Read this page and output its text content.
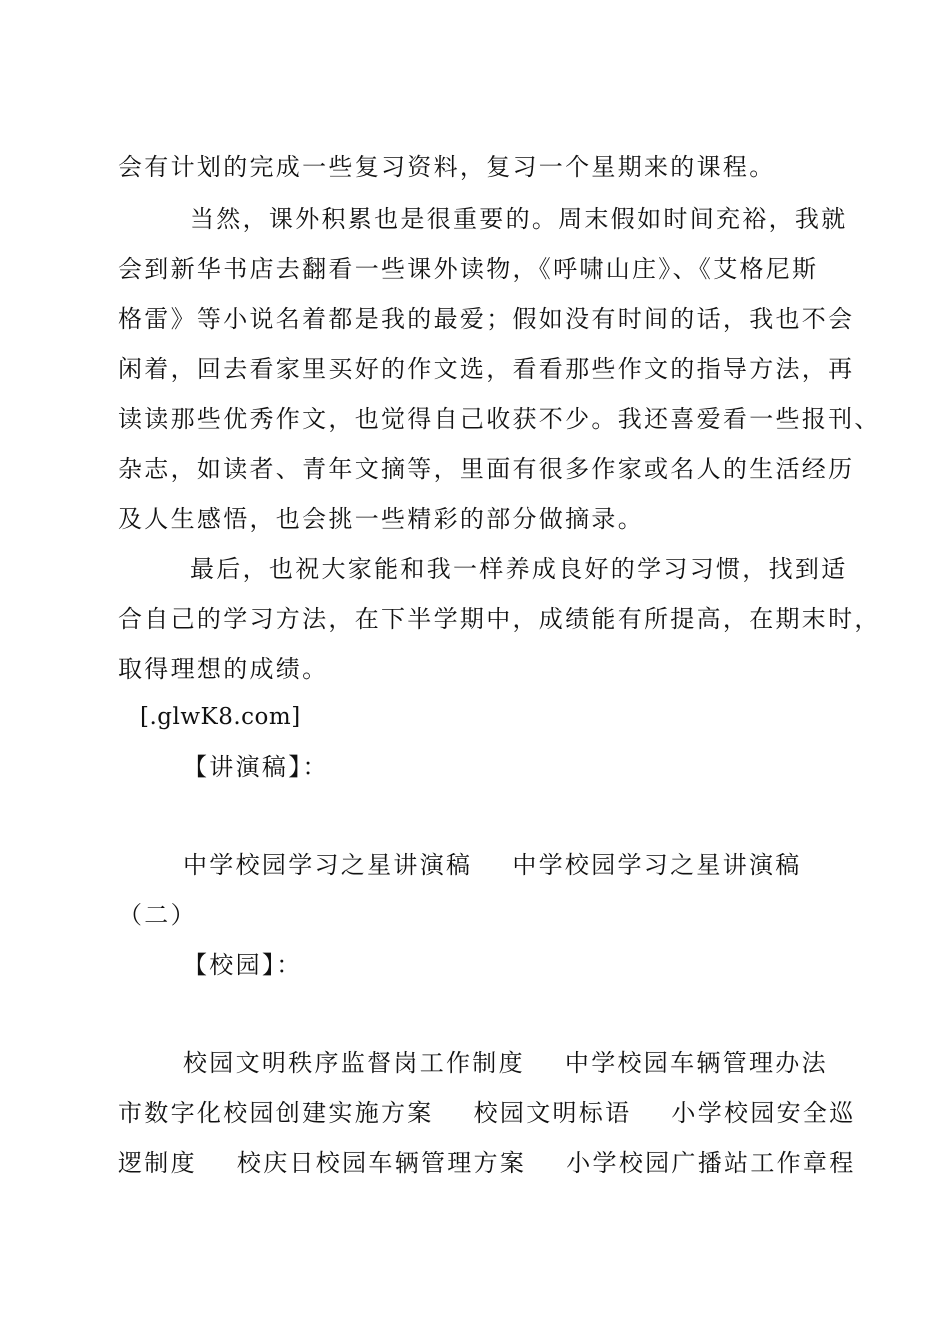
会有计划的完成一些复习资料，复习一个星期来的课程。
当然，课外积累也是很重要的。周末假如时间充裕，我就
会到新华书店去翻看一些课外读物，《呼啸山庄》、《艾格尼斯
格雷》等小说名着都是我的最爱；假如没有时间的话，我也不会
闲着，回去看家里买好的作文选，看看那些作文的指导方法，再
读读那些优秀作文，也觉得自己收获不少。我还喜爱看一些报刊、
杂志，如读者、青年文摘等，里面有很多作家或名人的生活经历
及人生感悟，也会挑一些精彩的部分做摘录。
最后，也祝大家能和我一样养成良好的学习习惯，找到适
合自己的学习方法，在下半学期中，成绩能有所提高，在期末时，
取得理想的成绩。
[.glwK8.com]
【讲演稿】：
中学校园学习之星讲演稿 中学校园学习之星讲演稿
（二）
【校园】：
校园文明秩序监督岗工作制度 中学校园车辆管理办法
市数字化校园创建实施方案 校园文明标语 小学校园安全巡
逻制度 校庆日校园车辆管理方案 小学校园广播站工作章程
